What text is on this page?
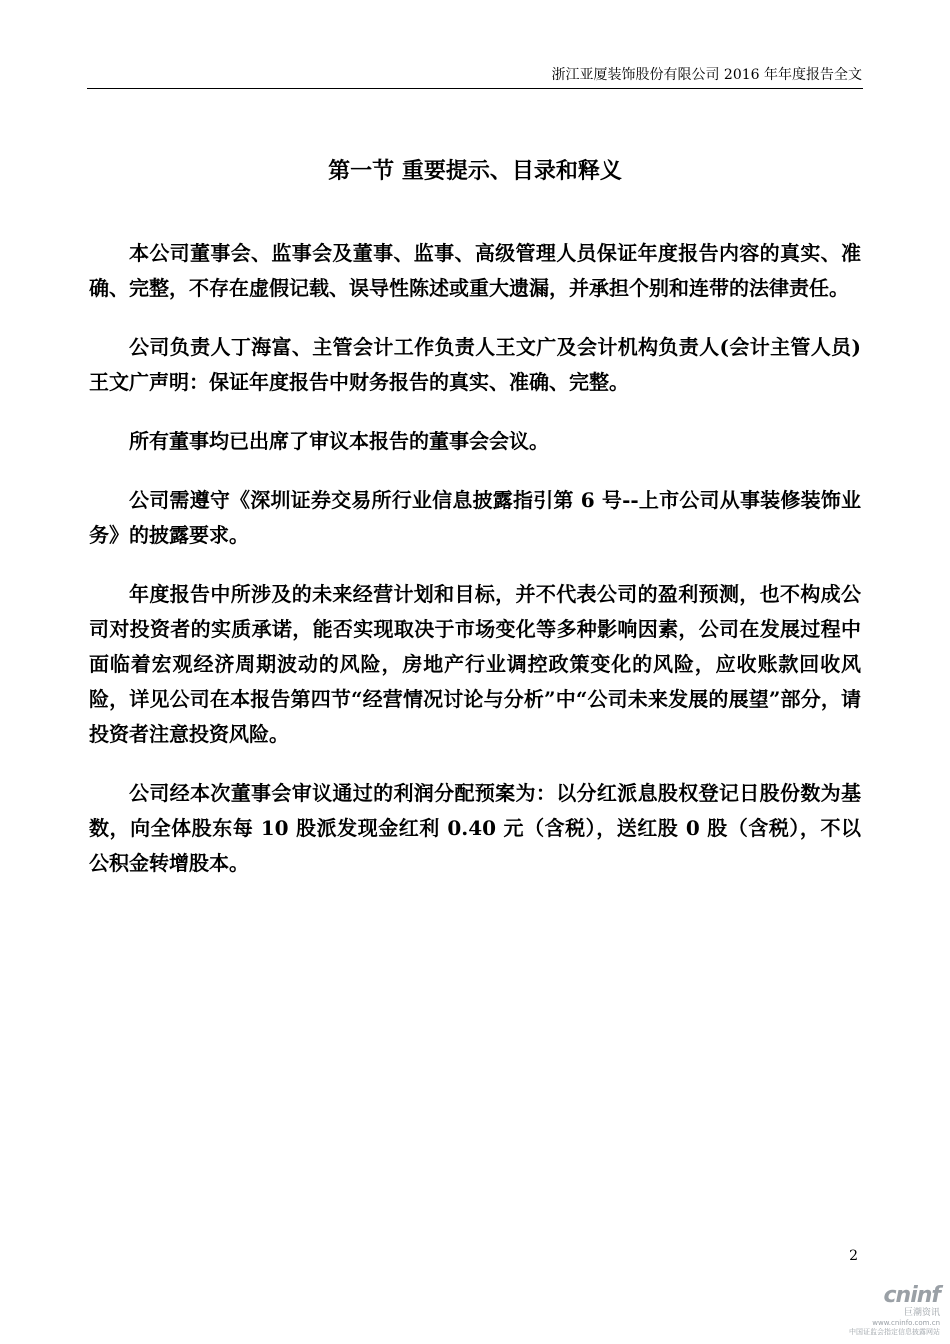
浙江亚厦装饰股份有限公司 2016 年年度报告全文
第一节 重要提示、目录和释义

本公司董事会、监事会及董事、监事、高级管理人员保证年度报告内容的真实、准确、完整，不存在虚假记载、误导性陈述或重大遗漏，并承担个别和连带的法律责任。

公司负责人丁海富、主管会计工作负责人王文广及会计机构负责人(会计主管人员)王文广声明：保证年度报告中财务报告的真实、准确、完整。

所有董事均已出席了审议本报告的董事会会议。

公司需遵守《深圳证券交易所行业信息披露指引第 6 号--上市公司从事装修装饰业务》的披露要求。

年度报告中所涉及的未来经营计划和目标，并不代表公司的盈利预测，也不构成公司对投资者的实质承诺，能否实现取决于市场变化等多种影响因素，公司在发展过程中面临着宏观经济周期波动的风险，房地产行业调控政策变化的风险，应收账款回收风险，详见公司在本报告第四节“经营情况讨论与分析”中“公司未来发展的展望”部分，请投资者注意投资风险。

公司经本次董事会审议通过的利润分配预案为：以分红派息股权登记日股份数为基数，向全体股东每 10 股派发现金红利 0.40 元（含税），送红股 0 股（含税），不以公积金转增股本。

2
cninf
巨潮资讯
www.cninfo.com.cn
中国证监会指定信息披露网站
